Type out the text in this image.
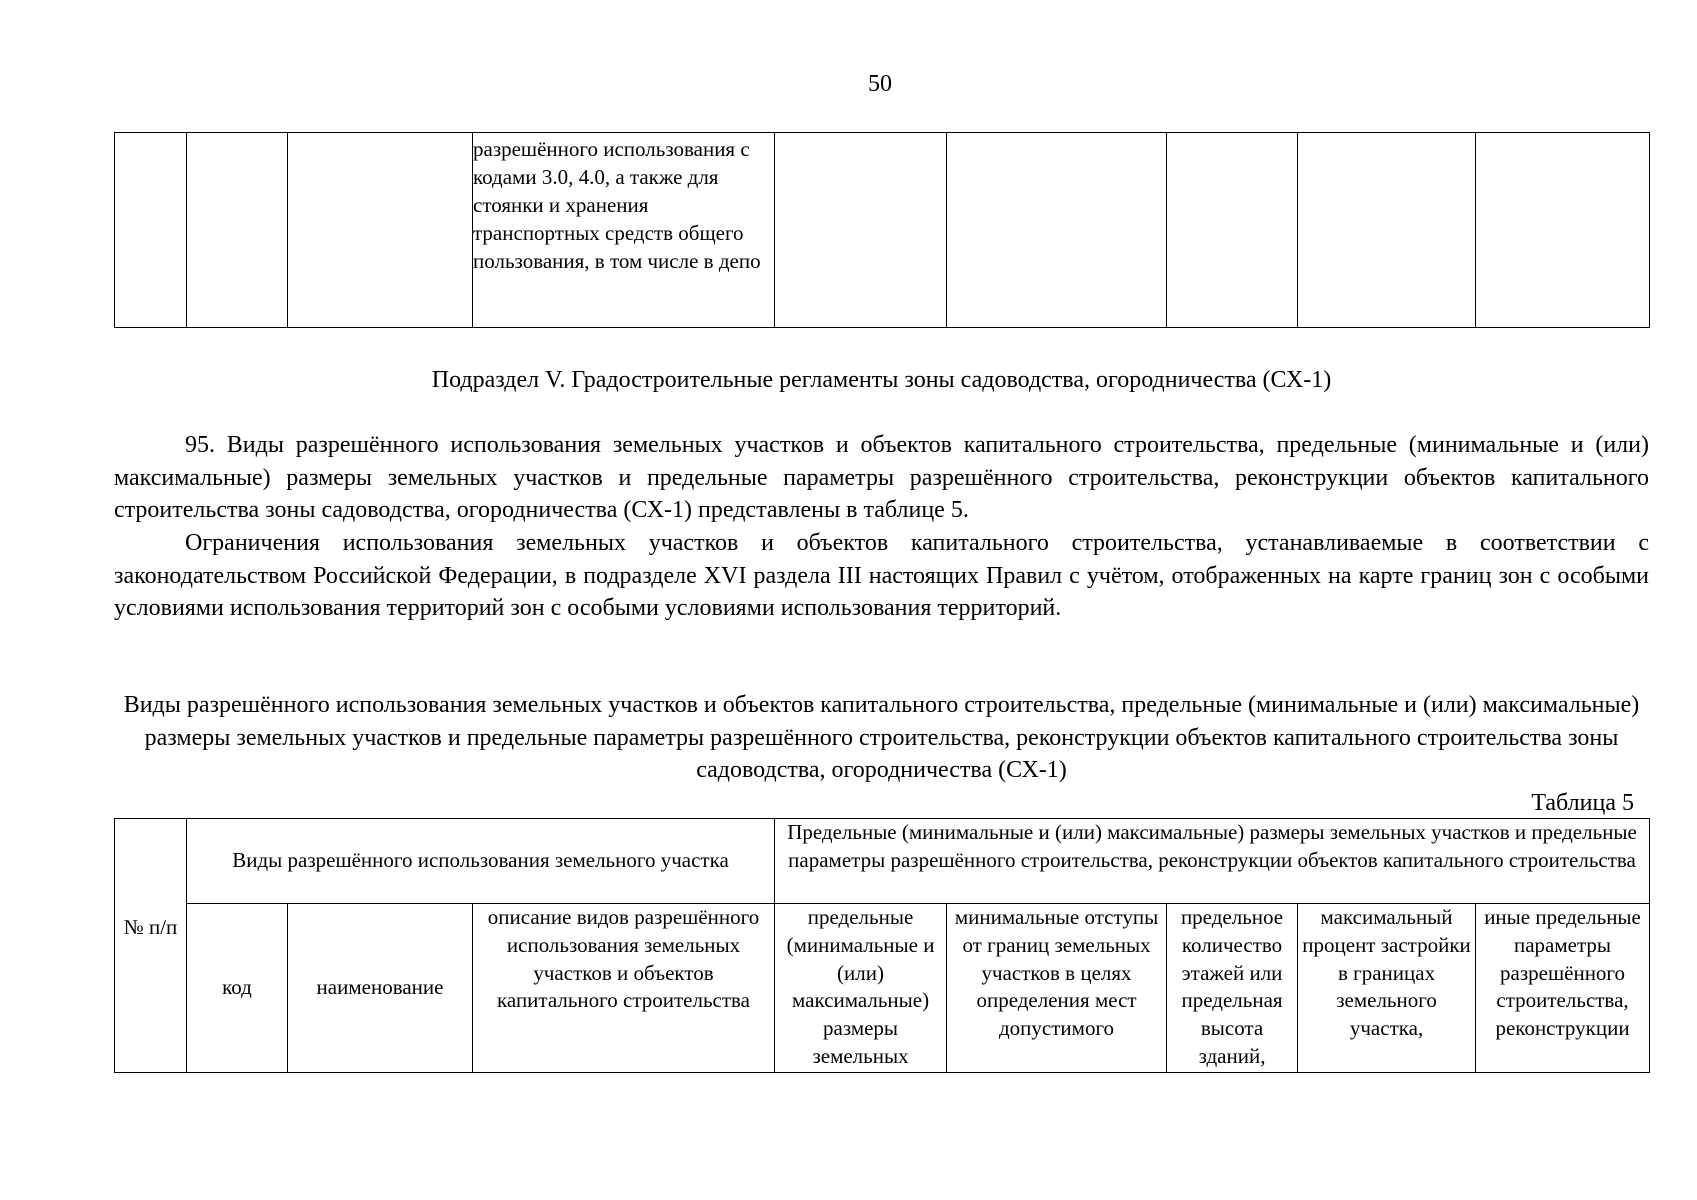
50
			разрешённого использования с кодами 3.0, 4.0, а также для стоянки и хранения транспортных средств общего пользования, в том числе в депо					
Подраздел V. Градостроительные регламенты зоны садоводства, огородничества (СХ-1)

95. Виды разрешённого использования земельных участков и объектов капитального строительства, предельные (минимальные и (или) максимальные) размеры земельных участков и предельные параметры разрешённого строительства, реконструкции объектов капитального строительства зоны садоводства, огородничества (СХ-1) представлены в таблице 5.

Ограничения использования земельных участков и объектов капитального строительства, устанавливаемые в соответствии с законодательством Российской Федерации, в подразделе XVI раздела III настоящих Правил с учётом, отображенных на карте границ зон с особыми условиями использования территорий зон с особыми условиями использования территорий.

Виды разрешённого использования земельных участков и объектов капитального строительства, предельные (минимальные и (или) максимальные) размеры земельных участков и предельные параметры разрешённого строительства, реконструкции объектов капитального строительства зоны садоводства, огородничества (СХ-1)
Таблица 5
№ п/п	Виды разрешённого использования земельного участка			Предельные (минимальные и (или) максимальные) размеры земельных участков и предельные параметры разрешённого строительства, реконструкции объектов капитального строительства				
	код	наименование	описание видов разрешённого использования земельных участков и объектов капитального строительства	предельные (минимальные и (или) максимальные) размеры земельных	минимальные отступы от границ земельных участков в целях определения мест допустимого	предельное количество этажей или предельная высота зданий,	максимальный процент застройки в границах земельного участка,	иные предельные параметры разрешённого строительства, реконструкции
